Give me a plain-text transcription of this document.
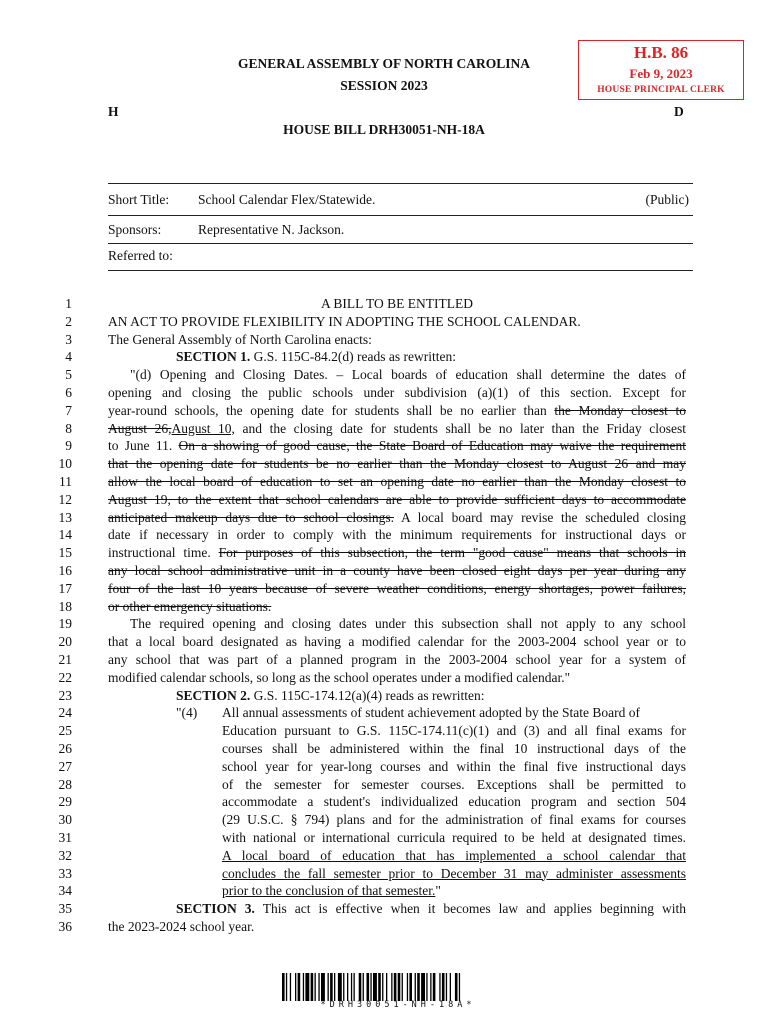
GENERAL ASSEMBLY OF NORTH CAROLINA
SESSION 2023
H	D
HOUSE BILL DRH30051-NH-18A
H.B. 86
Feb 9, 2023
HOUSE PRINCIPAL CLERK
Short Title: School Calendar Flex/Statewide.	(Public)
Sponsors:	Representative N. Jackson.
Referred to:
1	A BILL TO BE ENTITLED
2	AN ACT TO PROVIDE FLEXIBILITY IN ADOPTING THE SCHOOL CALENDAR.
3	The General Assembly of North Carolina enacts:
4	SECTION 1. G.S. 115C-84.2(d) reads as rewritten:
5	"(d) Opening and Closing Dates. – Local boards of education shall determine the dates of
6	opening and closing the public schools under subdivision (a)(1) of this section. Except for
7	year-round schools, the opening date for students shall be no earlier than the Monday closest to
8	August 26,August 10, and the closing date for students shall be no later than the Friday closest
9	to June 11. On a showing of good cause, the State Board of Education may waive the requirement
10	that the opening date for students be no earlier than the Monday closest to August 26 and may
11	allow the local board of education to set an opening date no earlier than the Monday closest to
12	August 19, to the extent that school calendars are able to provide sufficient days to accommodate
13	anticipated makeup days due to school closings. A local board may revise the scheduled closing
14	date if necessary in order to comply with the minimum requirements for instructional days or
15	instructional time. For purposes of this subsection, the term "good cause" means that schools in
16	any local school administrative unit in a county have been closed eight days per year during any
17	four of the last 10 years because of severe weather conditions, energy shortages, power failures,
18	or other emergency situations.
19	The required opening and closing dates under this subsection shall not apply to any school
20	that a local board designated as having a modified calendar for the 2003-2004 school year or to
21	any school that was part of a planned program in the 2003-2004 school year for a system of
22	modified calendar schools, so long as the school operates under a modified calendar."
23	SECTION 2. G.S. 115C-174.12(a)(4) reads as rewritten:
24	"(4) All annual assessments of student achievement adopted by the State Board of
25	Education pursuant to G.S. 115C-174.11(c)(1) and (3) and all final exams for
26	courses shall be administered within the final 10 instructional days of the
27	school year for year-long courses and within the final five instructional days
28	of the semester for semester courses. Exceptions shall be permitted to
29	accommodate a student's individualized education program and section 504
30	(29 U.S.C. § 794) plans and for the administration of final exams for courses
31	with national or international curricula required to be held at designated times.
32	A local board of education that has implemented a school calendar that
33	concludes the fall semester prior to December 31 may administer assessments
34	prior to the conclusion of that semester."
35	SECTION 3. This act is effective when it becomes law and applies beginning with
36	the 2023-2024 school year.
*DRH30051-NH-18A*
